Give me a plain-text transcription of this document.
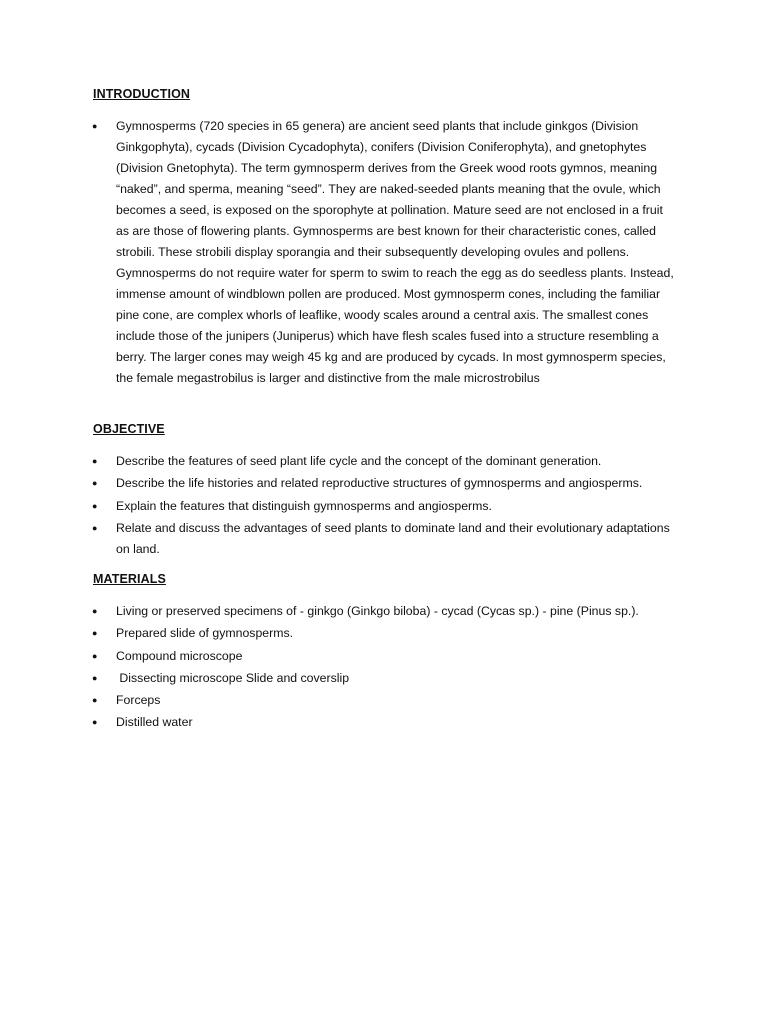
INTRODUCTION
● Gymnosperms (720 species in 65 genera) are ancient seed plants that include ginkgos (Division Ginkgophyta), cycads (Division Cycadophyta), conifers (Division Coniferophyta), and gnetophytes (Division Gnetophyta). The term gymnosperm derives from the Greek wood roots gymnos, meaning “naked”, and sperma, meaning “seed”. They are naked-seeded plants meaning that the ovule, which becomes a seed, is exposed on the sporophyte at pollination. Mature seed are not enclosed in a fruit as are those of flowering plants. Gymnosperms are best known for their characteristic cones, called strobili. These strobili display sporangia and their subsequently developing ovules and pollens. Gymnosperms do not require water for sperm to swim to reach the egg as do seedless plants. Instead, immense amount of windblown pollen are produced. Most gymnosperm cones, including the familiar pine cone, are complex whorls of leaflike, woody scales around a central axis. The smallest cones include those of the junipers (Juniperus) which have flesh scales fused into a structure resembling a berry. The larger cones may weigh 45 kg and are produced by cycads. In most gymnosperm species, the female megastrobilus is larger and distinctive from the male microstrobilus
OBJECTIVE
● Describe the features of seed plant life cycle and the concept of the dominant generation.
● Describe the life histories and related reproductive structures of gymnosperms and angiosperms.
● Explain the features that distinguish gymnosperms and angiosperms.
● Relate and discuss the advantages of seed plants to dominate land and their evolutionary adaptations on land.
MATERIALS
● Living or preserved specimens of - ginkgo (Ginkgo biloba) - cycad (Cycas sp.) - pine (Pinus sp.).
● Prepared slide of gymnosperms.
● Compound microscope
● Dissecting microscope Slide and coverslip
● Forceps
● Distilled water
